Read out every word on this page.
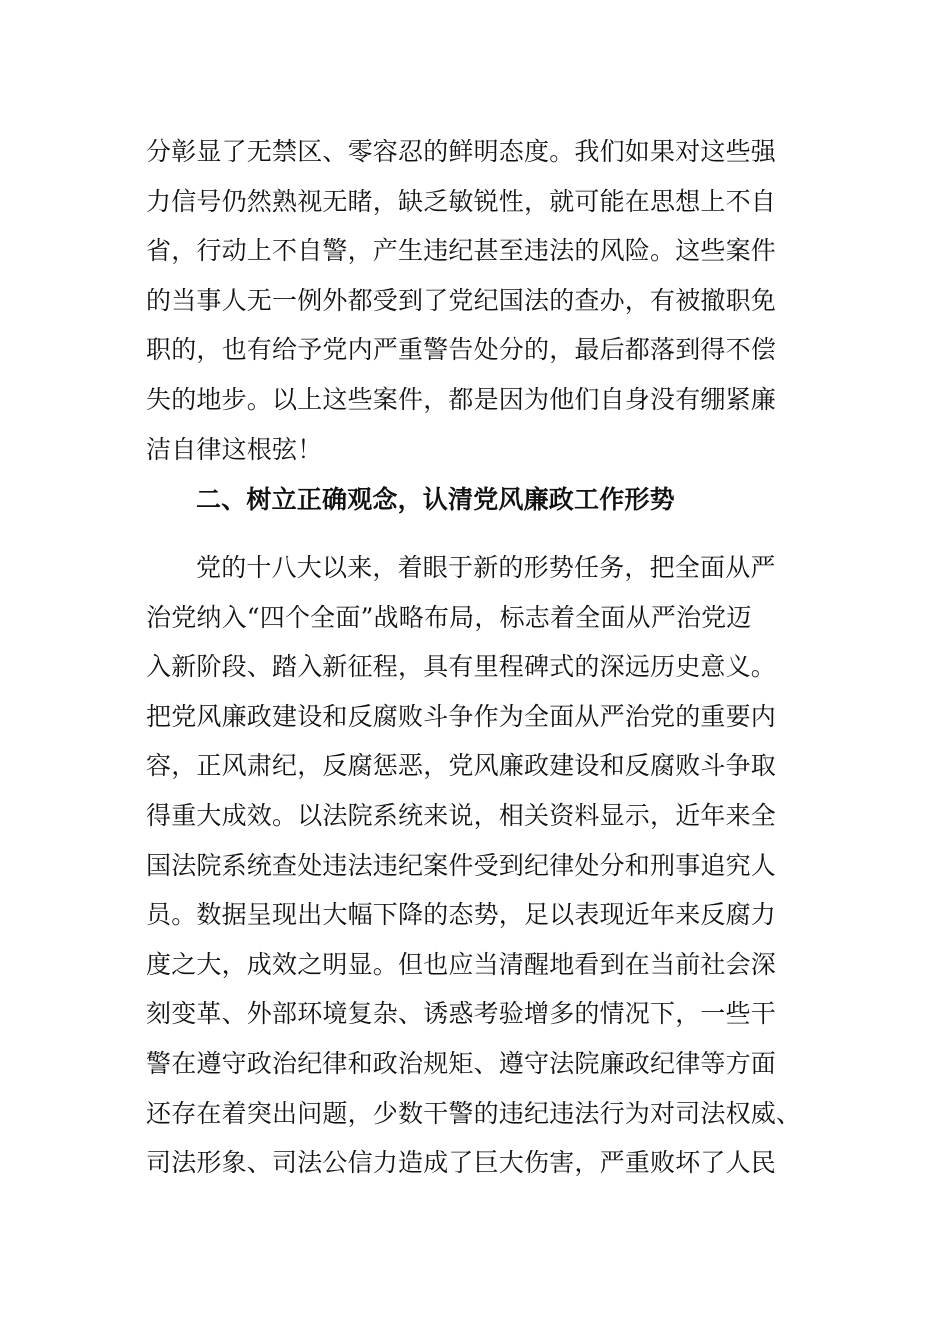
分彰显了无禁区、零容忍的鲜明态度。我们如果对这些强
力信号仍然熟视无睹，缺乏敏锐性，就可能在思想上不自
省，行动上不自警，产生违纪甚至违法的风险。这些案件
的当事人无一例外都受到了党纪国法的查办，有被撤职免
职的，也有给予党内严重警告处分的，最后都落到得不偿
失的地步。以上这些案件，都是因为他们自身没有绷紧廉
洁自律这根弦！
二、树立正确观念，认清党风廉政工作形势
党的十八大以来，着眼于新的形势任务，把全面从严
治党纳入“四个全面”战略布局，标志着全面从严治党迈
入新阶段、踏入新征程，具有里程碑式的深远历史意义。
把党风廉政建设和反腐败斗争作为全面从严治党的重要内
容，正风肃纪，反腐惩恶，党风廉政建设和反腐败斗争取
得重大成效。以法院系统来说，相关资料显示，近年来全
国法院系统查处违法违纪案件受到纪律处分和刑事追究人
员。数据呈现出大幅下降的态势，足以表现近年来反腐力
度之大，成效之明显。但也应当清醒地看到在当前社会深
刻变革、外部环境复杂、诱惑考验增多的情况下，一些干
警在遵守政治纪律和政治规矩、遵守法院廉政纪律等方面
还存在着突出问题，少数干警的违纪违法行为对司法权威、
司法形象、司法公信力造成了巨大伤害，严重败坏了人民
